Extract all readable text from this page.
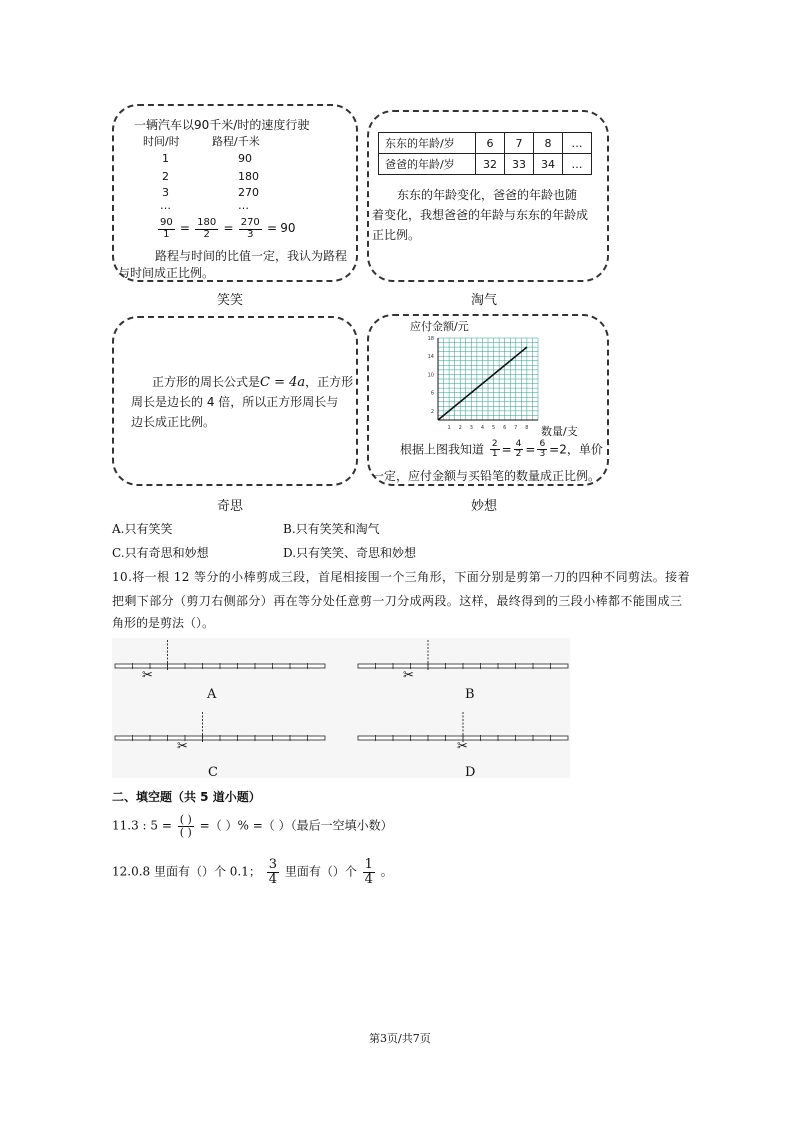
一辆汽车以90千米/时的速度行驶
时间/时	路程/千米
1	90
2	180
3	270
…	…
$\frac{90}{1} = \frac{180}{2} = \frac{270}{3} = 90$
路程与时间的比值一定，我认为路程
与时间成正比例。
笑笑
东东的年龄/岁	6	7	8	…
爸爸的年龄/岁	32	33	34	…
东东的年龄变化，爸爸的年龄也随
着变化，我想爸爸的年龄与东东的年龄成
正比例。
淘气
正方形的周长公式是C = 4a，正方形
周长是边长的 4 倍，所以正方形周长与
边长成正比例。
奇思
应付金额/元
1 2 3 4 5 6 7 8
2
6
10
14
18
数量/支
根据上图我知道 $\frac{2}{1} = \frac{4}{2} = \frac{6}{3} =2$，单价
一定，应付金额与买铅笔的数量成正比例。
妙想
A.只有笑笑	B.只有笑笑和淘气
C.只有奇思和妙想	D.只有笑笑、奇思和妙想
10.将一根 12 等分的小棒剪成三段，首尾相接围一个三角形，下面分别是剪第一刀的四种不同剪法。接着
把剩下部分（剪刀右侧部分）再在等分处任意剪一刀分成两段。这样，最终得到的三段小棒都不能围成三
角形的是剪法（）。
✂
A
✂
B
✂
C
✂
D
二、填空题（共 5 道小题）
11.3 : $5 = \frac{( )}{( )}$ =（ ）% =（ ）（最后一空填小数）
12.0.8 里面有（）个 0.1； $\frac{3}{4}$ 里面有（）个 $\frac{1}{4}$ 。
第3页/共7页
